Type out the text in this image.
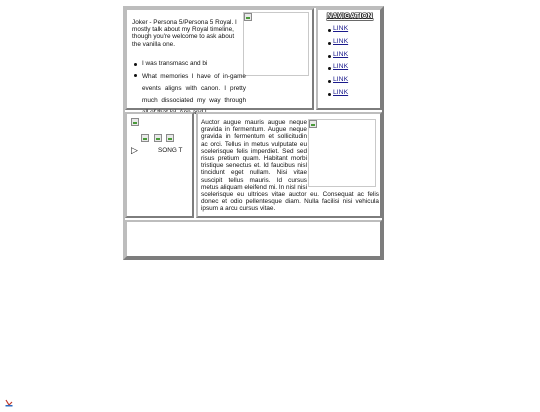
Joker - Persona 5/Persona 5 Royal. I mostly talk about my Royal timeline, though you're welcome to ask about the vanilla one.
I was transmasc and bi
What memories I have of in-game events aligns with canon. I pretty much dissociated my way through
NAVIGATION
LINK
LINK
LINK
LINK
LINK
LINK
▷	SONG T
Auctor augue mauris augue neque gravida in fermentum. Augue neque gravida in fermentum et sollicitudin ac orci. Tellus in metus vulputate eu scelerisque felis imperdiet. Sed sed risus pretium quam. Habitant morbi tristique senectus et. Id faucibus nisl tincidunt eget nullam. Nisi vitae suscipit tellus mauris. Id cursus metus aliquam eleifend mi. In nisl nisi scelerisque eu ultrices vitae auctor eu. Consequat ac felis donec et odio pellentesque diam. Nulla facilisi nisi vehicula ipsum a arcu cursus vitae.
